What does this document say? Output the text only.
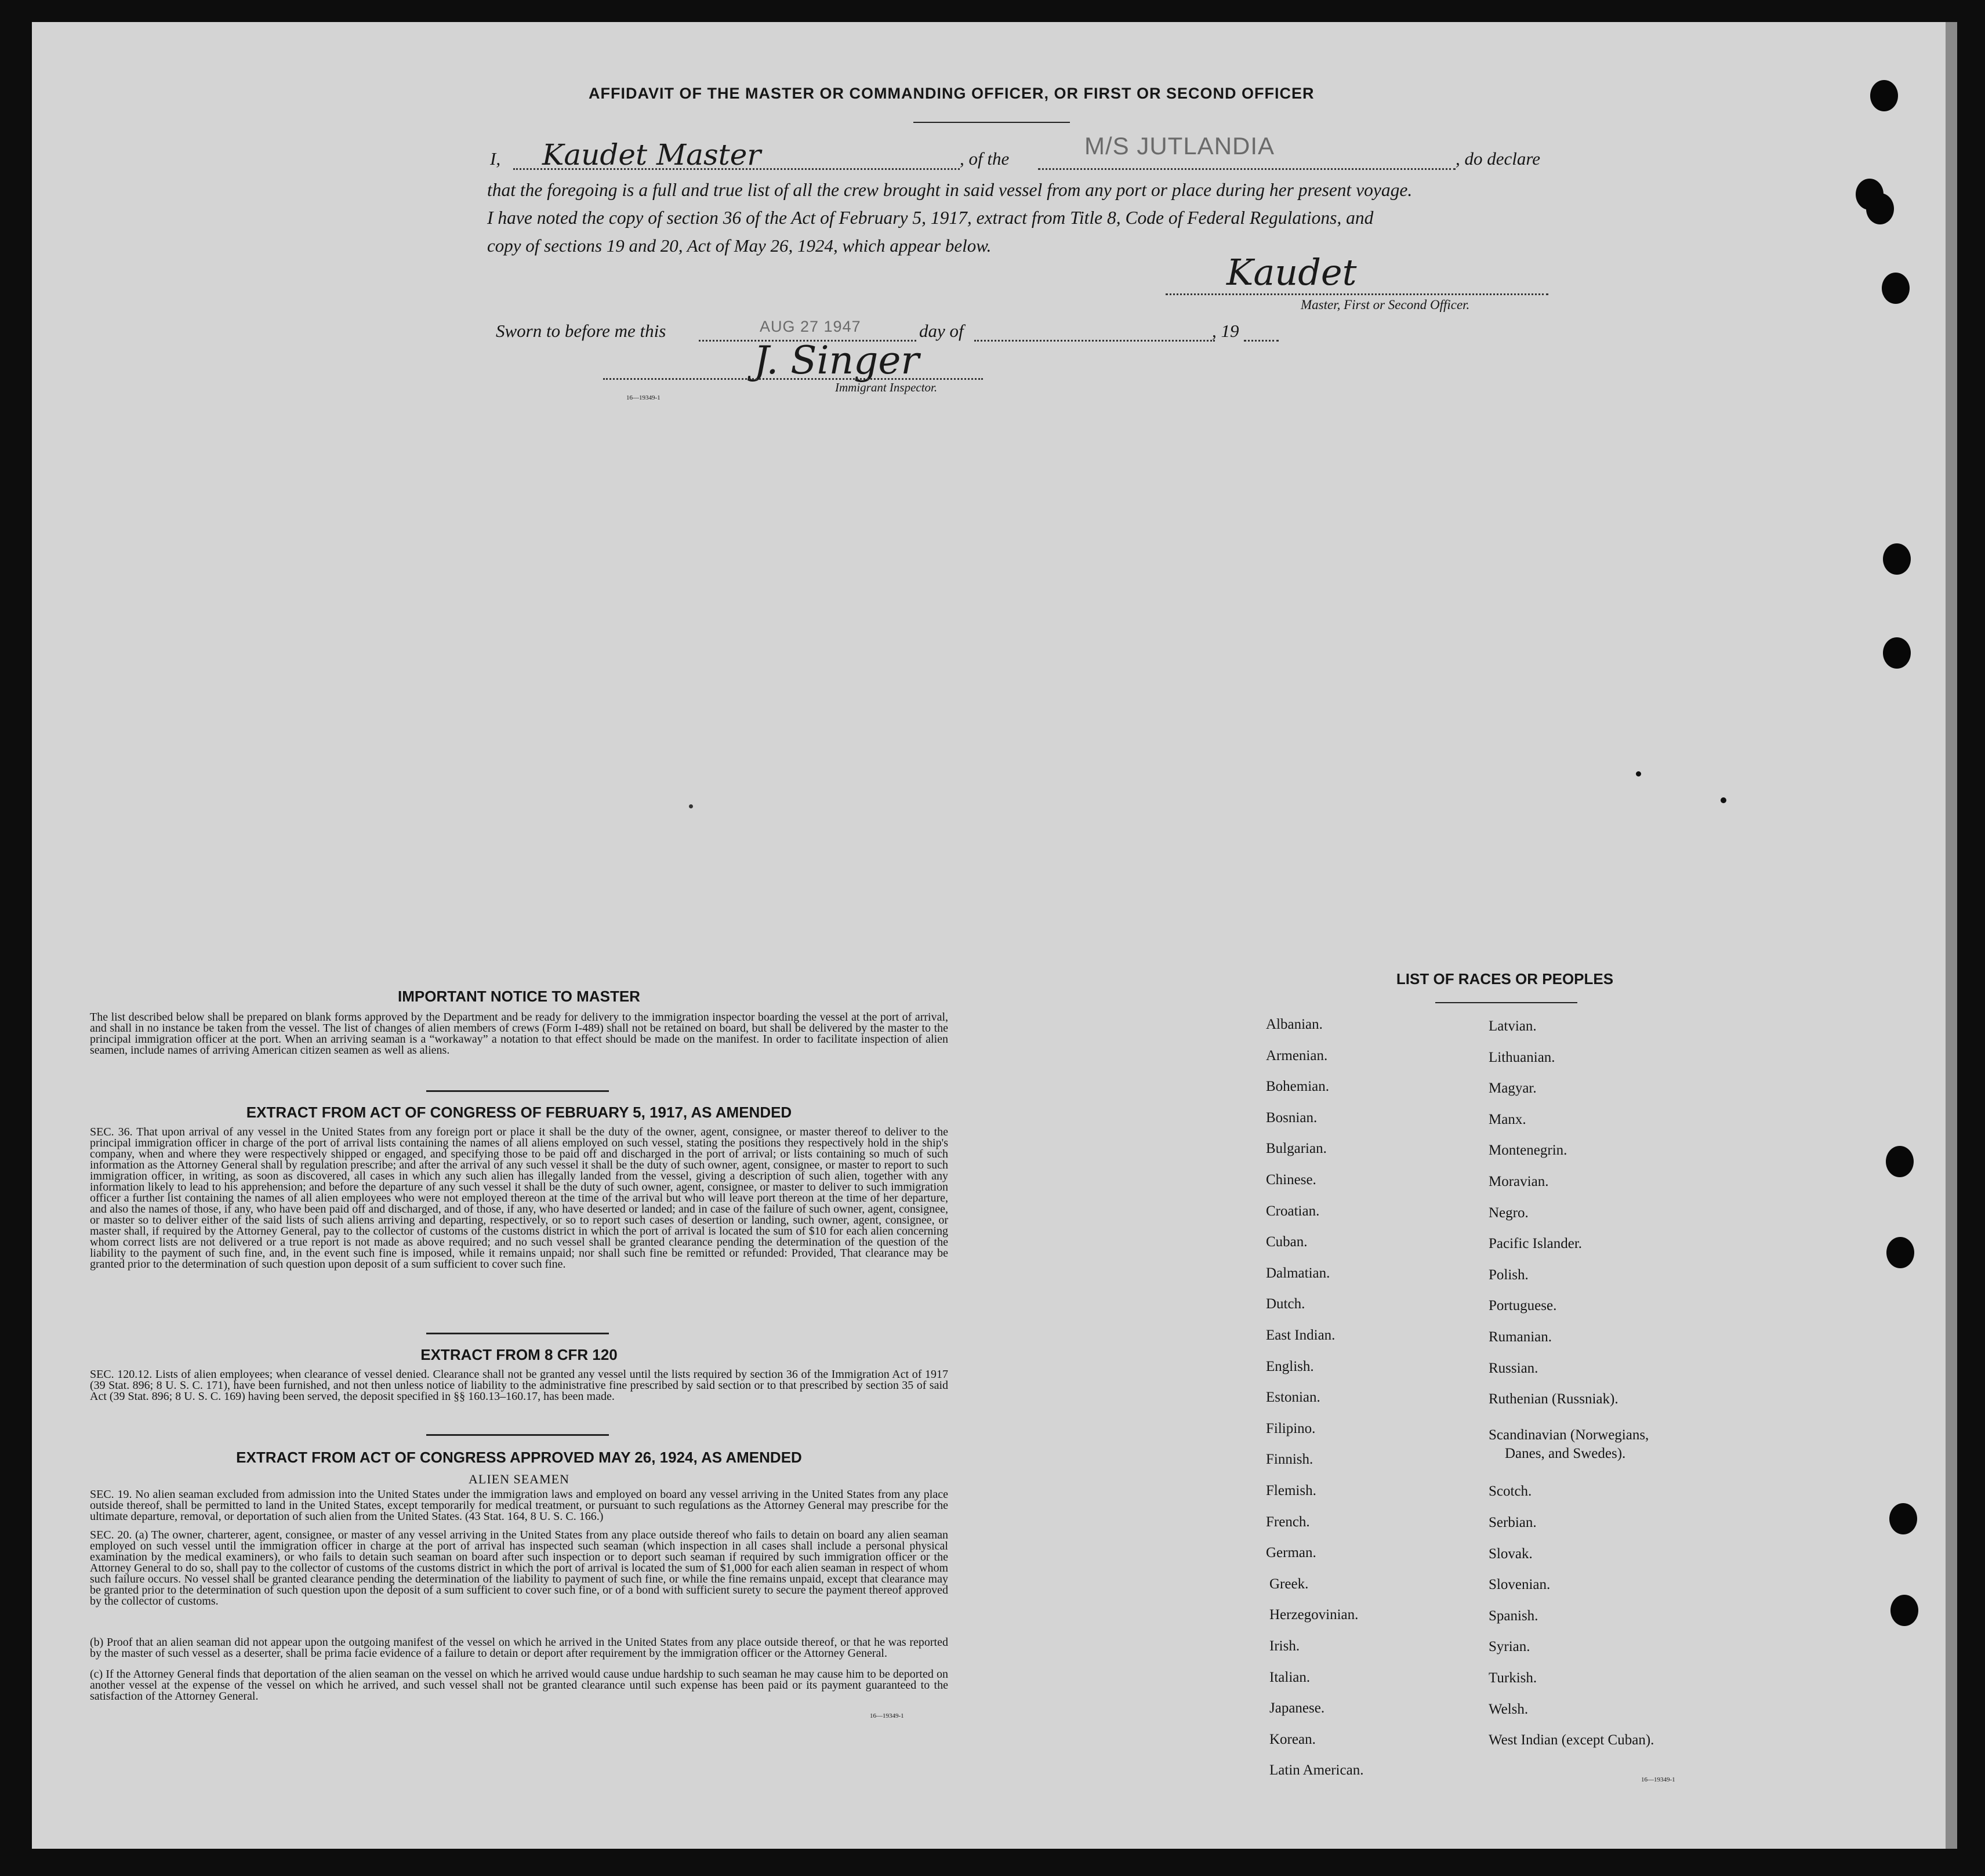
AFFIDAVIT OF THE MASTER OR COMMANDING OFFICER, OR FIRST OR SECOND OFFICER
I, Kaudet Master	, of the	M/S JUTLANDIA	, do declare
that the foregoing is a full and true list of all the crew brought in said vessel from any port or place during her present voyage.
I have noted the copy of section 36 of the Act of February 5, 1917, extract from Title 8, Code of Federal Regulations, and
copy of sections 19 and 20, Act of May 26, 1924, which appear below.
Kaudet
Master, First or Second Officer.
Sworn to before me this	AUG 27 1947	day of	, 19
J. Singer
Immigrant Inspector.
16—19349-1
IMPORTANT NOTICE TO MASTER
The list described below shall be prepared on blank forms approved by the Department and be ready for delivery to the immigration inspector boarding the vessel at the port of arrival, and shall in no instance be taken from the vessel. The list of changes of alien members of crews (Form I-489) shall not be retained on board, but shall be delivered by the master to the principal immigration officer at the port. When an arriving seaman is a “workaway” a notation to that effect should be made on the manifest. In order to facilitate inspection of alien seamen, include names of arriving American citizen seamen as well as aliens.
EXTRACT FROM ACT OF CONGRESS OF FEBRUARY 5, 1917, AS AMENDED
SEC. 36. That upon arrival of any vessel in the United States from any foreign port or place it shall be the duty of the owner, agent, consignee, or master thereof to deliver to the principal immigration officer in charge of the port of arrival lists containing the names of all aliens employed on such vessel, stating the positions they respectively hold in the ship's company, when and where they were respectively shipped or engaged, and specifying those to be paid off and discharged in the port of arrival; or lists containing so much of such information as the Attorney General shall by regulation prescribe; and after the arrival of any such vessel it shall be the duty of such owner, agent, consignee, or master to report to such immigration officer, in writing, as soon as discovered, all cases in which any such alien has illegally landed from the vessel, giving a description of such alien, together with any information likely to lead to his apprehension; and before the departure of any such vessel it shall be the duty of such owner, agent, consignee, or master to deliver to such immigration officer a further list containing the names of all alien employees who were not employed thereon at the time of the arrival but who will leave port thereon at the time of her departure, and also the names of those, if any, who have been paid off and discharged, and of those, if any, who have deserted or landed; and in case of the failure of such owner, agent, consignee, or master so to deliver either of the said lists of such aliens arriving and departing, respectively, or so to report such cases of desertion or landing, such owner, agent, consignee, or master shall, if required by the Attorney General, pay to the collector of customs of the customs district in which the port of arrival is located the sum of $10 for each alien concerning whom correct lists are not delivered or a true report is not made as above required; and no such vessel shall be granted clearance pending the determination of the question of the liability to the payment of such fine, and, in the event such fine is imposed, while it remains unpaid; nor shall such fine be remitted or refunded: Provided, That clearance may be granted prior to the determination of such question upon deposit of a sum sufficient to cover such fine.
EXTRACT FROM 8 CFR 120
SEC. 120.12. Lists of alien employees; when clearance of vessel denied. Clearance shall not be granted any vessel until the lists required by section 36 of the Immigration Act of 1917 (39 Stat. 896; 8 U. S. C. 171), have been furnished, and not then unless notice of liability to the administrative fine prescribed by said section or to that prescribed by section 35 of said Act (39 Stat. 896; 8 U. S. C. 169) having been served, the deposit specified in §§ 160.13–160.17, has been made.
EXTRACT FROM ACT OF CONGRESS APPROVED MAY 26, 1924, AS AMENDED
ALIEN SEAMEN
SEC. 19. No alien seaman excluded from admission into the United States under the immigration laws and employed on board any vessel arriving in the United States from any place outside thereof, shall be permitted to land in the United States, except temporarily for medical treatment, or pursuant to such regulations as the Attorney General may prescribe for the ultimate departure, removal, or deportation of such alien from the United States. (43 Stat. 164, 8 U. S. C. 166.)
SEC. 20. (a) The owner, charterer, agent, consignee, or master of any vessel arriving in the United States from any place outside thereof who fails to detain on board any alien seaman employed on such vessel until the immigration officer in charge at the port of arrival has inspected such seaman (which inspection in all cases shall include a personal physical examination by the medical examiners), or who fails to detain such seaman on board after such inspection or to deport such seaman if required by such immigration officer or the Attorney General to do so, shall pay to the collector of customs of the customs district in which the port of arrival is located the sum of $1,000 for each alien seaman in respect of whom such failure occurs. No vessel shall be granted clearance pending the determination of the liability to payment of such fine, or while the fine remains unpaid, except that clearance may be granted prior to the determination of such question upon the deposit of a sum sufficient to cover such fine, or of a bond with sufficient surety to secure the payment thereof approved by the collector of customs.
(b) Proof that an alien seaman did not appear upon the outgoing manifest of the vessel on which he arrived in the United States from any place outside thereof, or that he was reported by the master of such vessel as a deserter, shall be prima facie evidence of a failure to detain or deport after requirement by the immigration officer or the Attorney General.
(c) If the Attorney General finds that deportation of the alien seaman on the vessel on which he arrived would cause undue hardship to such seaman he may cause him to be deported on another vessel at the expense of the vessel on which he arrived, and such vessel shall not be granted clearance until such expense has been paid or its payment guaranteed to the satisfaction of the Attorney General.
16—19349-1
LIST OF RACES OR PEOPLES
16—19349-1
Albanian.
Armenian.
Bohemian.
Bosnian.
Bulgarian.
Chinese.
Croatian.
Cuban.
Dalmatian.
Dutch.
East Indian.
English.
Estonian.
Filipino.
Finnish.
Flemish.
French.
German.
Greek.
Herzegovinian.
Irish.
Italian.
Japanese.
Korean.
Latin American.
Latvian.
Lithuanian.
Magyar.
Manx.
Montenegrin.
Moravian.
Negro.
Pacific Islander.
Polish.
Portuguese.
Rumanian.
Russian.
Ruthenian (Russniak).
Scandinavian (Norwegians,
Danes, and Swedes).
Scotch.
Serbian.
Slovak.
Slovenian.
Spanish.
Syrian.
Turkish.
Welsh.
West Indian (except Cuban).
